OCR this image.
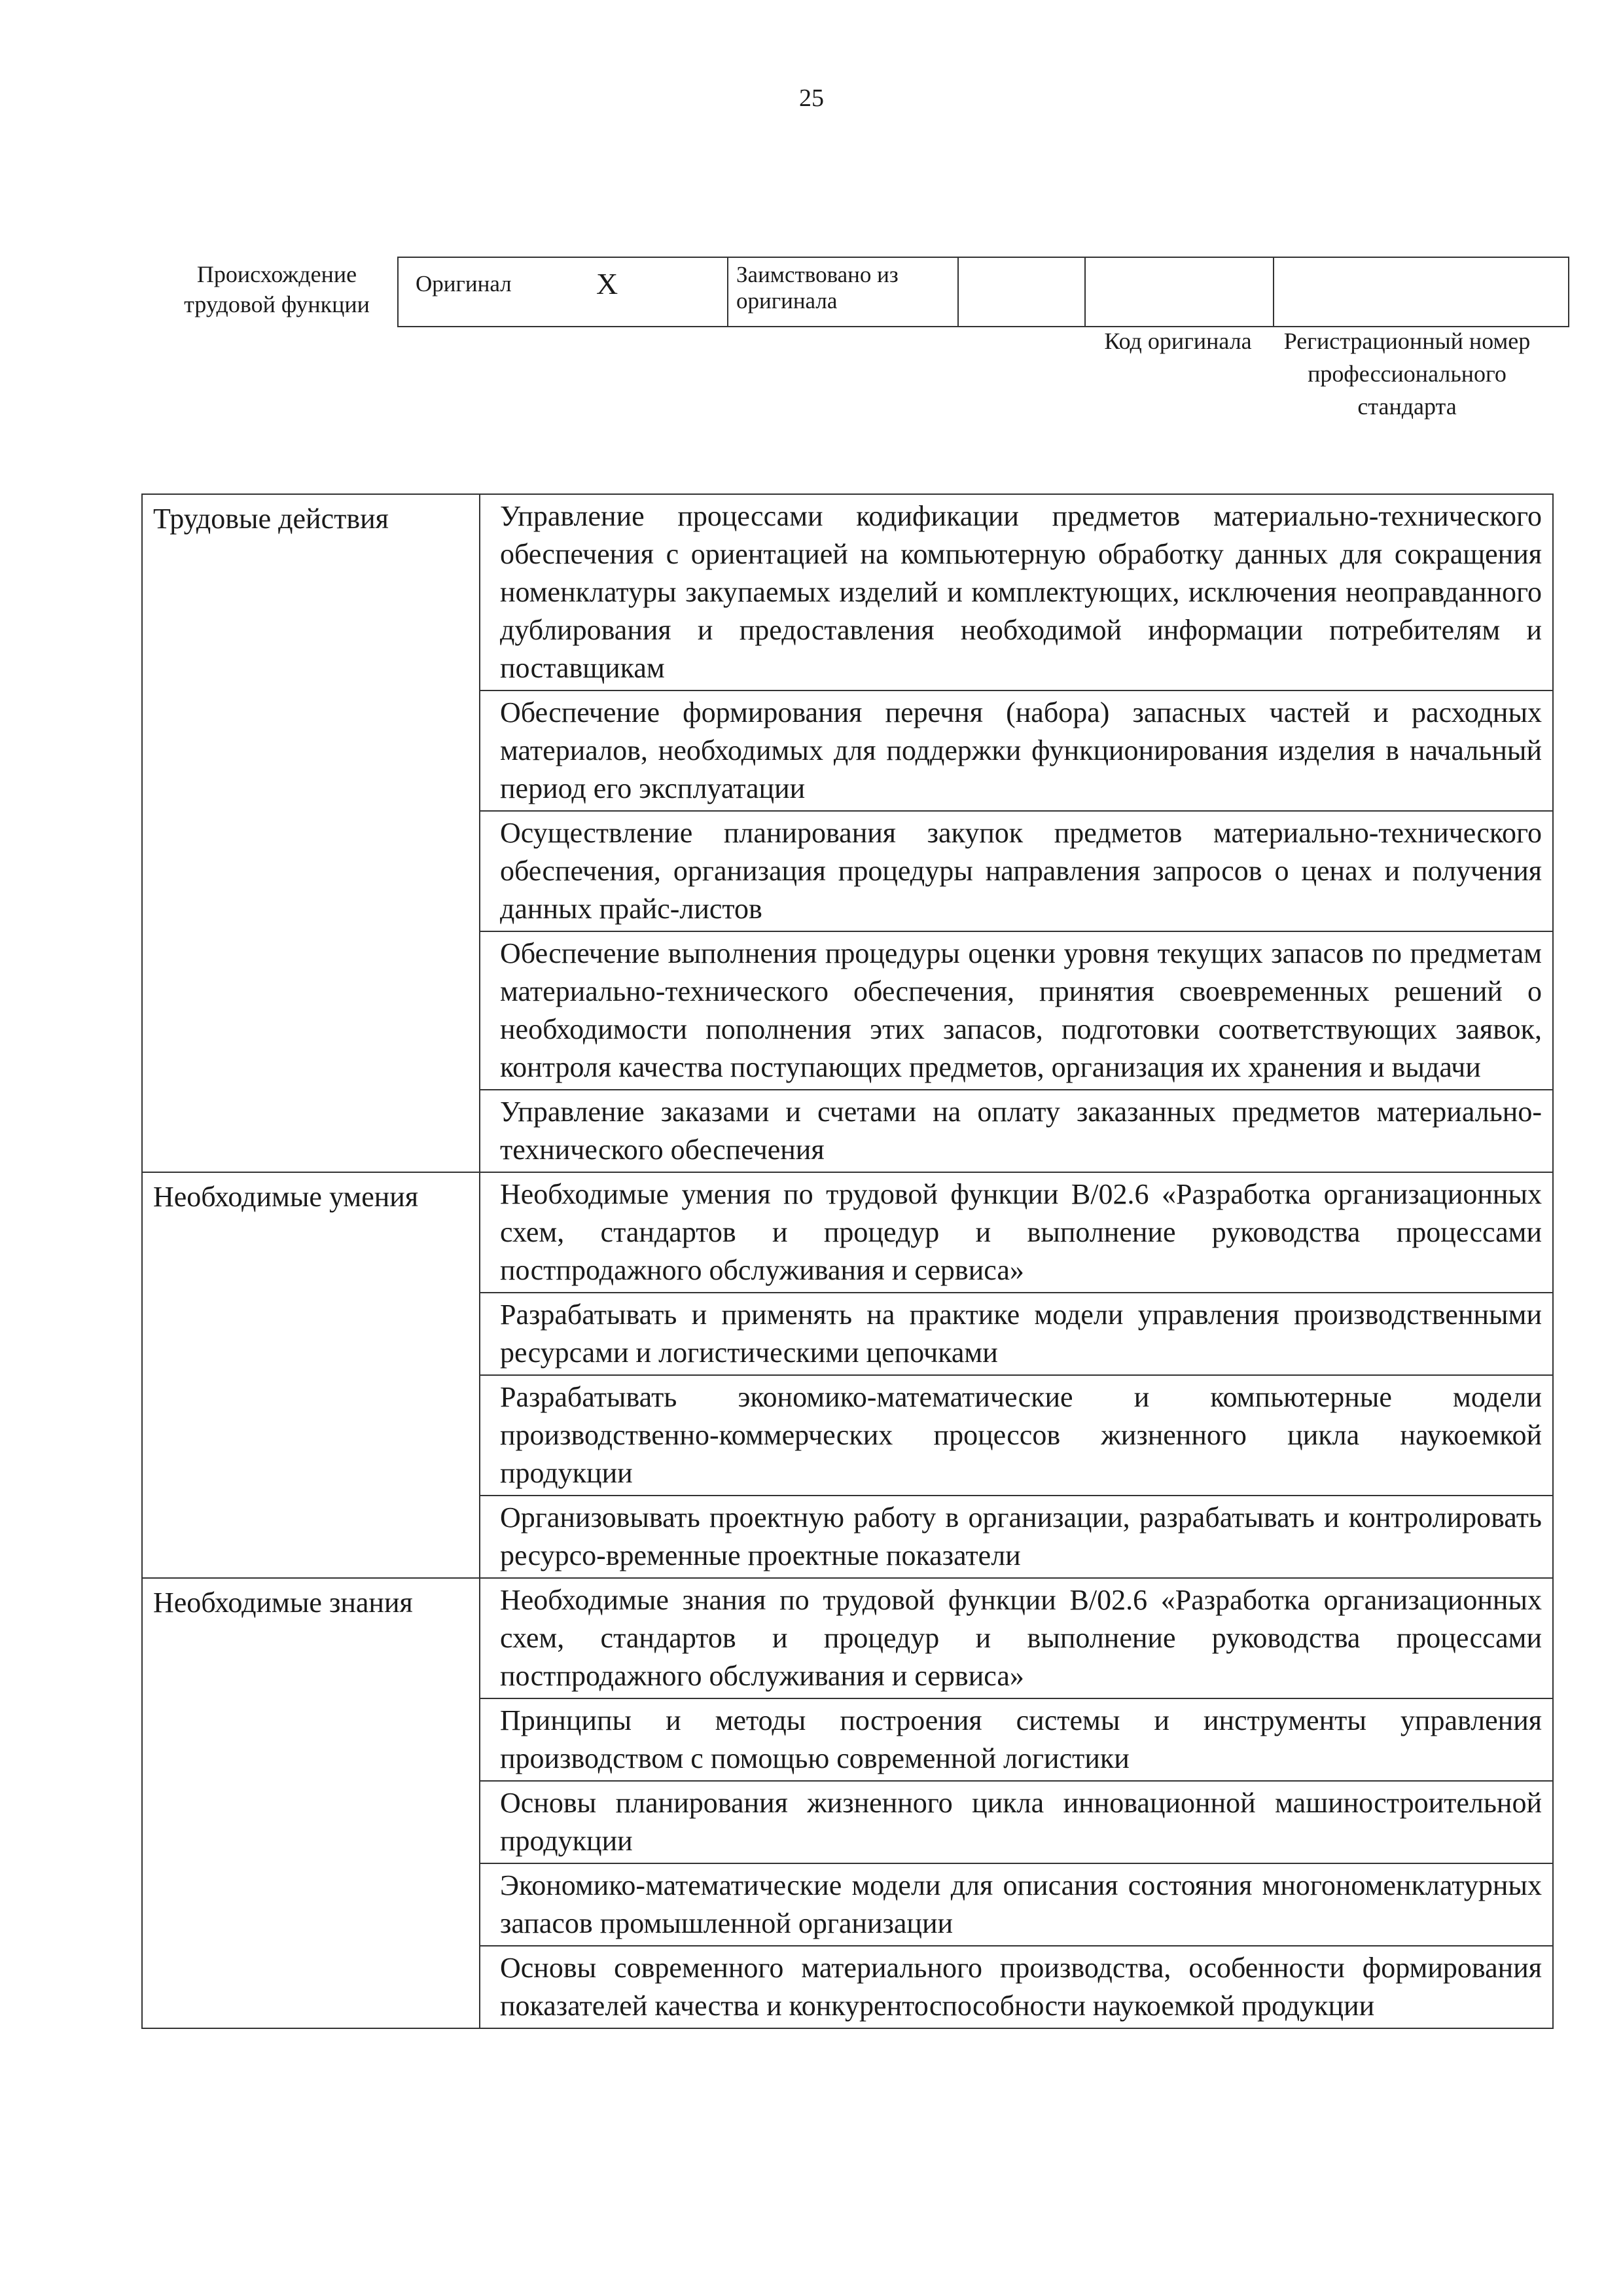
25
Происхождение трудовой функции
Оригинал	X	Заимствовано из оригинала			
Код оригинала	Регистрационный номер профессионального стандарта
Трудовые действия	Управление процессами кодификации предметов материально-технического обеспечения с ориентацией на компьютерную обработку данных для сокращения номенклатуры закупаемых изделий и комплектующих, исключения неоправданного дублирования и предоставления необходимой информации потребителям и поставщикам
	Обеспечение формирования перечня (набора) запасных частей и расходных материалов, необходимых для поддержки функционирования изделия в начальный период его эксплуатации
	Осуществление планирования закупок предметов материально-технического обеспечения, организация процедуры направления запросов о ценах и получения данных прайс-листов
	Обеспечение выполнения процедуры оценки уровня текущих запасов по предметам материально-технического обеспечения, принятия своевременных решений о необходимости пополнения этих запасов, подготовки соответствующих заявок, контроля качества поступающих предметов, организация их хранения и выдачи
	Управление заказами и счетами на оплату заказанных предметов материально-технического обеспечения
Необходимые умения	Необходимые умения по трудовой функции B/02.6 «Разработка организационных схем, стандартов и процедур и выполнение руководства процессами постпродажного обслуживания и сервиса»
	Разрабатывать и применять на практике модели управления производственными ресурсами и логистическими цепочками
	Разрабатывать экономико-математические и компьютерные модели производственно-коммерческих процессов жизненного цикла наукоемкой продукции
	Организовывать проектную работу в организации, разрабатывать и контролировать ресурсо-временные проектные показатели
Необходимые знания	Необходимые знания по трудовой функции B/02.6 «Разработка организационных схем, стандартов и процедур и выполнение руководства процессами постпродажного обслуживания и сервиса»
	Принципы и методы построения системы и инструменты управления производством с помощью современной логистики
	Основы планирования жизненного цикла инновационной машиностроительной продукции
	Экономико-математические модели для описания состояния многономенклатурных запасов промышленной организации
	Основы современного материального производства, особенности формирования показателей качества и конкурентоспособности наукоемкой продукции
